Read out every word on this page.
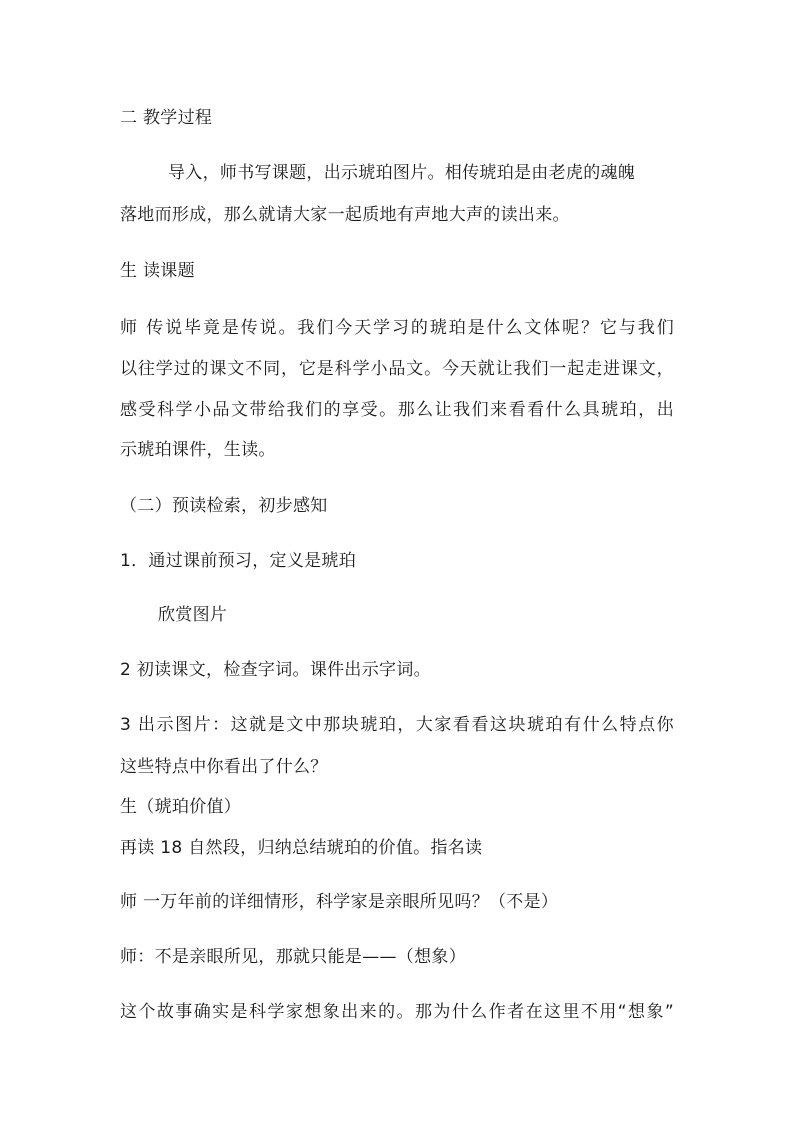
二 教学过程
导入，师书写课题，出示琥珀图片。相传琥珀是由老虎的魂魄
落地而形成，那么就请大家一起质地有声地大声的读出来。
生 读课题
师 传说毕竟是传说。我们今天学习的琥珀是什么文体呢？它与我们
以往学过的课文不同，它是科学小品文。今天就让我们一起走进课文，
感受科学小品文带给我们的享受。那么让我们来看看什么具琥珀，出
示琥珀课件，生读。
（二）预读检索，初步感知
1．通过课前预习，定义是琥珀
欣赏图片
2 初读课文，检查字词。课件出示字词。
3 出示图片：这就是文中那块琥珀，大家看看这块琥珀有什么特点你
这些特点中你看出了什么？
生（琥珀价值）
再读 18 自然段，归纳总结琥珀的价值。指名读
师 一万年前的详细情形，科学家是亲眼所见吗？（不是）
师：不是亲眼所见，那就只能是——（想象）
这个故事确实是科学家想象出来的。那为什么作者在这里不用“想象”
